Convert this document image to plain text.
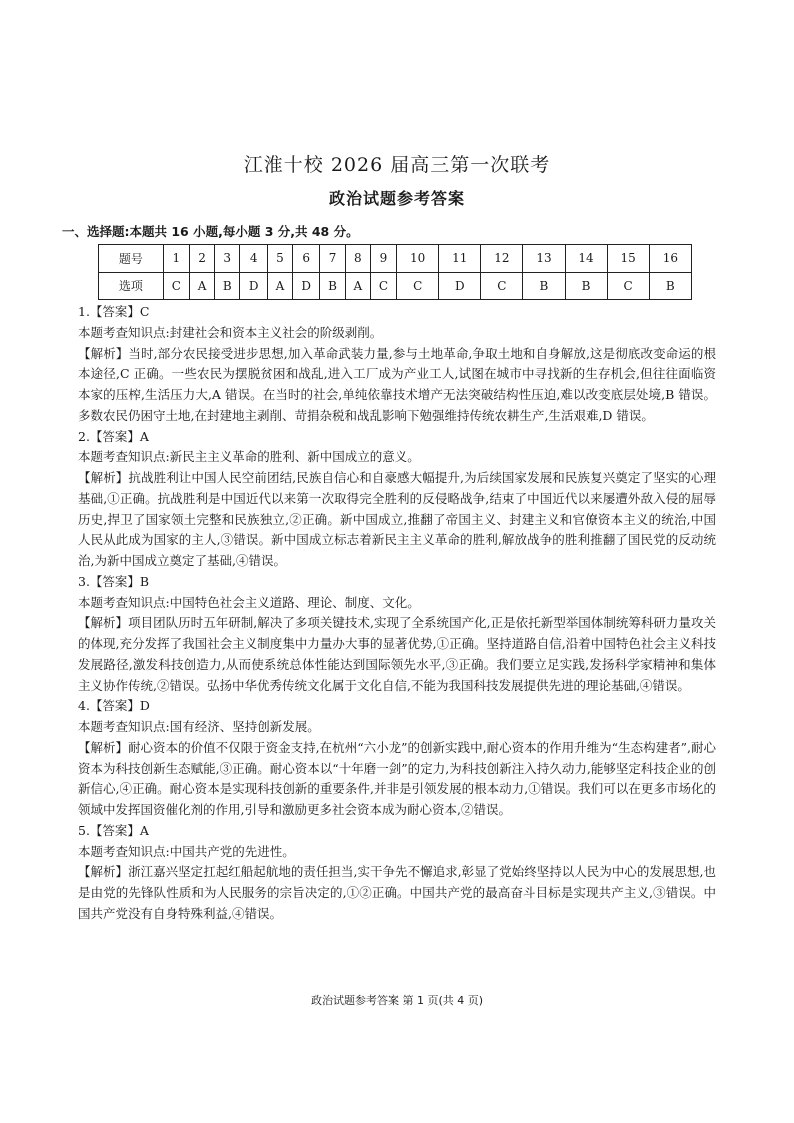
江淮十校 2026 届高三第一次联考
政治试题参考答案
一、选择题:本题共 16 小题,每小题 3 分,共 48 分。
题号	1	2	3	4	5	6	7	8	9	10	11	12	13	14	15	16
选项	C	A	B	D	A	D	B	A	C	C	D	C	B	B	C	B

1.【答案】C

本题考查知识点:封建社会和资本主义社会的阶级剥削。

【解析】当时,部分农民接受进步思想,加入革命武装力量,参与土地革命,争取土地和自身解放,这是彻底改变命运的根本途径,C 正确。一些农民为摆脱贫困和战乱,进入工厂成为产业工人,试图在城市中寻找新的生存机会,但往往面临资本家的压榨,生活压力大,A 错误。在当时的社会,单纯依靠技术增产无法突破结构性压迫,难以改变底层处境,B 错误。多数农民仍困守土地,在封建地主剥削、苛捐杂税和战乱影响下勉强维持传统农耕生产,生活艰难,D 错误。

2.【答案】A

本题考查知识点:新民主主义革命的胜利、新中国成立的意义。

【解析】抗战胜利让中国人民空前团结,民族自信心和自豪感大幅提升,为后续国家发展和民族复兴奠定了坚实的心理基础,①正确。抗战胜利是中国近代以来第一次取得完全胜利的反侵略战争,结束了中国近代以来屡遭外敌入侵的屈辱历史,捍卫了国家领土完整和民族独立,②正确。新中国成立,推翻了帝国主义、封建主义和官僚资本主义的统治,中国人民从此成为国家的主人,③错误。新中国成立标志着新民主主义革命的胜利,解放战争的胜利推翻了国民党的反动统治,为新中国成立奠定了基础,④错误。

3.【答案】B

本题考查知识点:中国特色社会主义道路、理论、制度、文化。

【解析】项目团队历时五年研制,解决了多项关键技术,实现了全系统国产化,正是依托新型举国体制统筹科研力量攻关的体现,充分发挥了我国社会主义制度集中力量办大事的显著优势,①正确。坚持道路自信,沿着中国特色社会主义科技发展路径,激发科技创造力,从而使系统总体性能达到国际领先水平,③正确。我们要立足实践,发扬科学家精神和集体主义协作传统,②错误。弘扬中华优秀传统文化属于文化自信,不能为我国科技发展提供先进的理论基础,④错误。

4.【答案】D

本题考查知识点:国有经济、坚持创新发展。

【解析】耐心资本的价值不仅限于资金支持,在杭州“六小龙”的创新实践中,耐心资本的作用升维为“生态构建者”,耐心资本为科技创新生态赋能,③正确。耐心资本以“十年磨一剑”的定力,为科技创新注入持久动力,能够坚定科技企业的创新信心,④正确。耐心资本是实现科技创新的重要条件,并非是引领发展的根本动力,①错误。我们可以在更多市场化的领域中发挥国资催化剂的作用,引导和激励更多社会资本成为耐心资本,②错误。

5.【答案】A

本题考查知识点:中国共产党的先进性。

【解析】浙江嘉兴坚定扛起红船起航地的责任担当,实干争先不懈追求,彰显了党始终坚持以人民为中心的发展思想,也是由党的先锋队性质和为人民服务的宗旨决定的,①②正确。中国共产党的最高奋斗目标是实现共产主义,③错误。中国共产党没有自身特殊利益,④错误。

政治试题参考答案 第 1 页(共 4 页)
